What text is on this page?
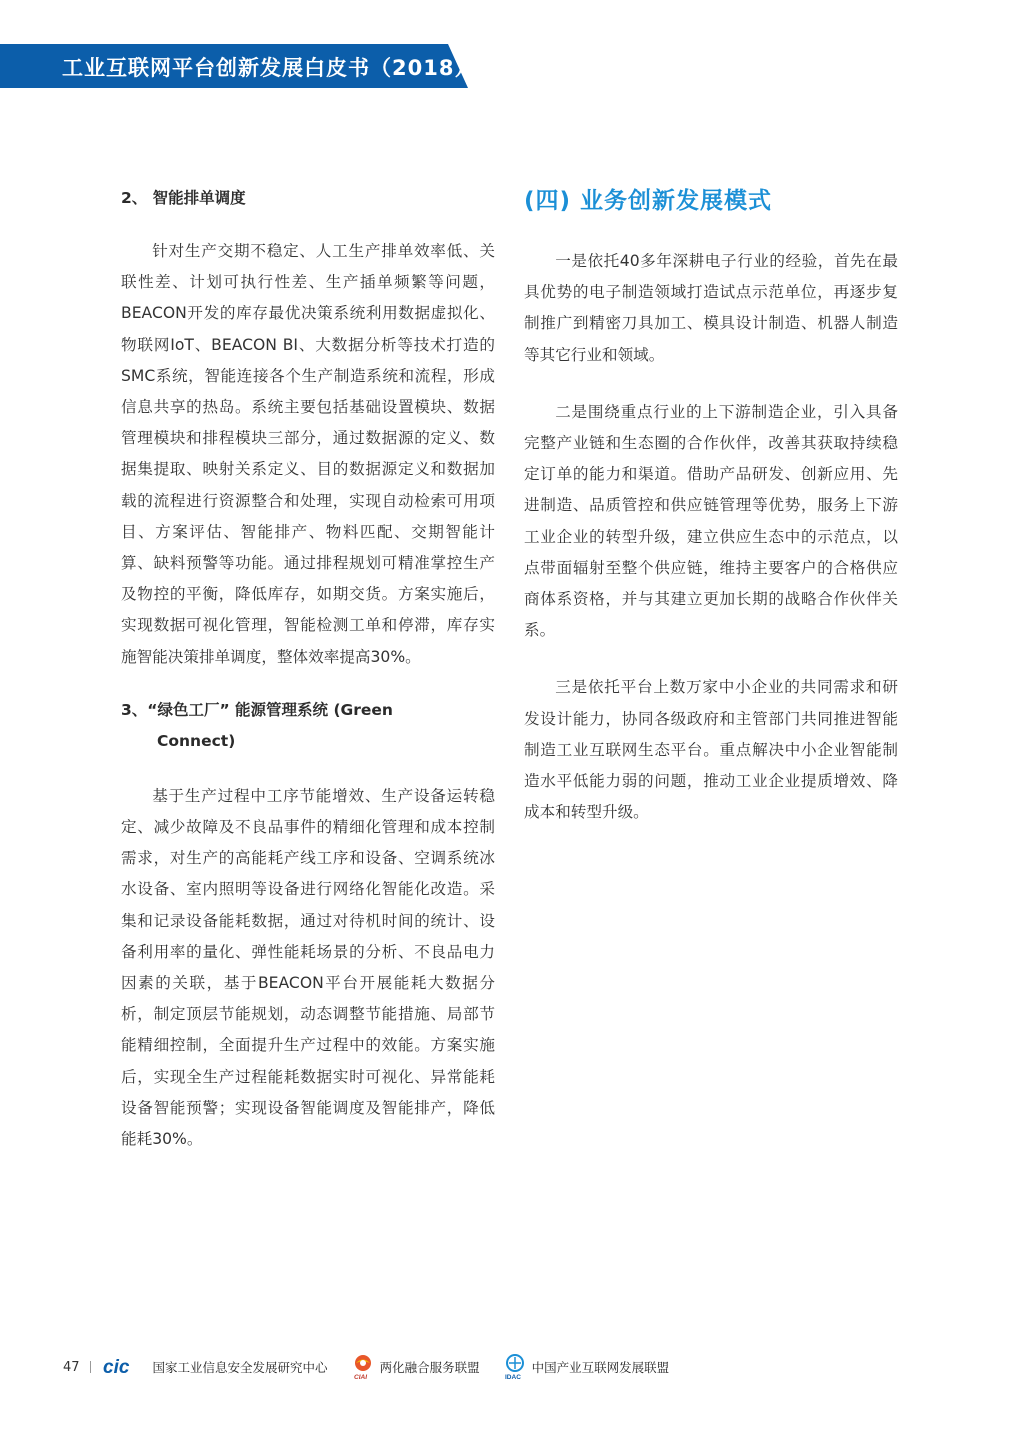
工业互联网平台创新发展白皮书（2018）

2、 智能排单调度

针对生产交期不稳定、人工生产排单效率低、关联性差、计划可执行性差、生产插单频繁等问题，BEACON开发的库存最优决策系统利用数据虚拟化、物联网IoT、BEACON BI、大数据分析等技术打造的SMC系统，智能连接各个生产制造系统和流程，形成信息共享的热岛。系统主要包括基础设置模块、数据管理模块和排程模块三部分，通过数据源的定义、数据集提取、映射关系定义、目的数据源定义和数据加载的流程进行资源整合和处理，实现自动检索可用项目、方案评估、智能排产、物料匹配、交期智能计算、缺料预警等功能。通过排程规划可精准掌控生产及物控的平衡，降低库存，如期交货。方案实施后，实现数据可视化管理，智能检测工单和停滞，库存实施智能决策排单调度，整体效率提高30%。

3、“绿色工厂” 能源管理系统 (Green
Connect)

基于生产过程中工序节能增效、生产设备运转稳定、减少故障及不良品事件的精细化管理和成本控制需求，对生产的高能耗产线工序和设备、空调系统冰水设备、室内照明等设备进行网络化智能化改造。采集和记录设备能耗数据，通过对待机时间的统计、设备利用率的量化、弹性能耗场景的分析、不良品电力因素的关联，基于BEACON平台开展能耗大数据分析，制定顶层节能规划，动态调整节能措施、局部节能精细控制，全面提升生产过程中的效能。方案实施后，实现全生产过程能耗数据实时可视化、异常能耗设备智能预警；实现设备智能调度及智能排产，降低能耗30%。

(四) 业务创新发展模式

一是依托40多年深耕电子行业的经验，首先在最具优势的电子制造领域打造试点示范单位，再逐步复制推广到精密刀具加工、模具设计制造、机器人制造等其它行业和领域。

二是围绕重点行业的上下游制造企业，引入具备完整产业链和生态圈的合作伙伴，改善其获取持续稳定订单的能力和渠道。借助产品研发、创新应用、先进制造、品质管控和供应链管理等优势，服务上下游工业企业的转型升级，建立供应生态中的示范点，以点带面辐射至整个供应链，维持主要客户的合格供应商体系资格，并与其建立更加长期的战略合作伙伴关系。

三是依托平台上数万家中小企业的共同需求和研发设计能力，协同各级政府和主管部门共同推进智能制造工业互联网生态平台。重点解决中小企业智能制造水平低能力弱的问题，推动工业企业提质增效、降成本和转型升级。

47 cic 国家工业信息安全发展研究中心
CIAI
两化融合服务联盟
IDAC
中国产业互联网发展联盟
